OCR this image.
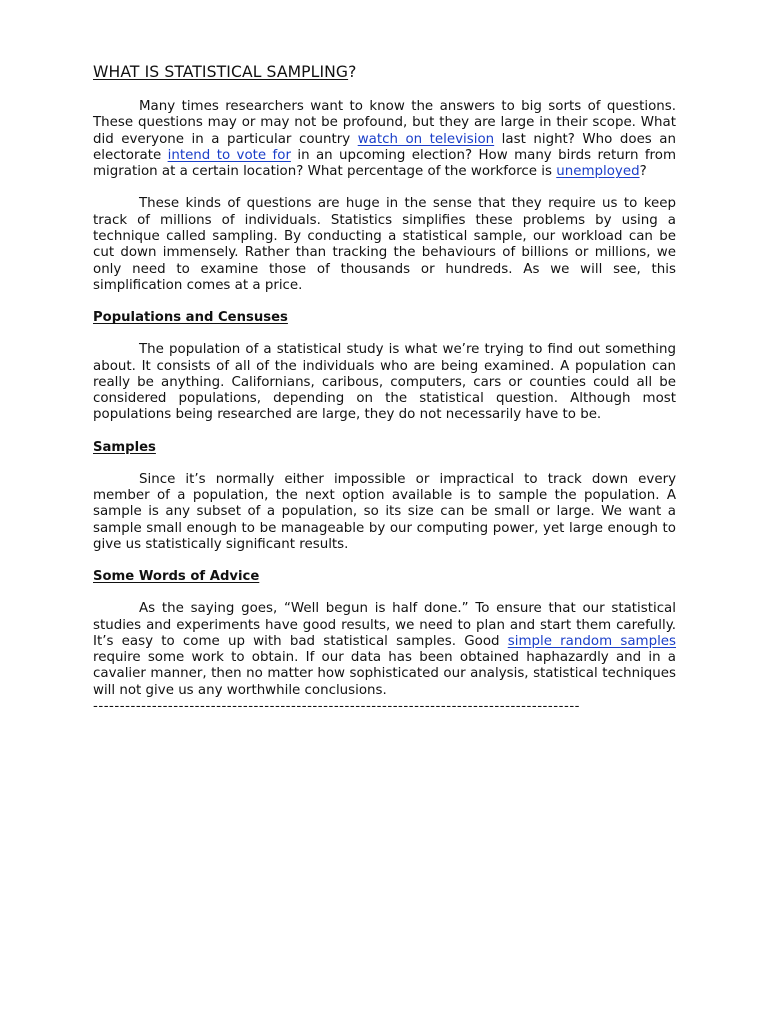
WHAT IS STATISTICAL SAMPLING?

Many times researchers want to know the answers to big sorts of questions. These questions may or may not be profound, but they are large in their scope. What did everyone in a particular country watch on television last night? Who does an electorate intend to vote for in an upcoming election? How many birds return from migration at a certain location? What percentage of the workforce is unemployed?

These kinds of questions are huge in the sense that they require us to keep track of millions of individuals. Statistics simplifies these problems by using a technique called sampling. By conducting a statistical sample, our workload can be cut down immensely. Rather than tracking the behaviours of billions or millions, we only need to examine those of thousands or hundreds. As we will see, this simplification comes at a price.

Populations and Censuses

The population of a statistical study is what we’re trying to find out something about. It consists of all of the individuals who are being examined. A population can really be anything. Californians, caribous, computers, cars or counties could all be considered populations, depending on the statistical question. Although most populations being researched are large, they do not necessarily have to be.

Samples

Since it’s normally either impossible or impractical to track down every member of a population, the next option available is to sample the population. A sample is any subset of a population, so its size can be small or large. We want a sample small enough to be manageable by our computing power, yet large enough to give us statistically significant results.

Some Words of Advice

As the saying goes, “Well begun is half done.” To ensure that our statistical studies and experiments have good results, we need to plan and start them carefully. It’s easy to come up with bad statistical samples. Good simple random samples require some work to obtain. If our data has been obtained haphazardly and in a cavalier manner, then no matter how sophisticated our analysis, statistical techniques will not give us any worthwhile conclusions.

-------------------------------------------------------------------------------------------
